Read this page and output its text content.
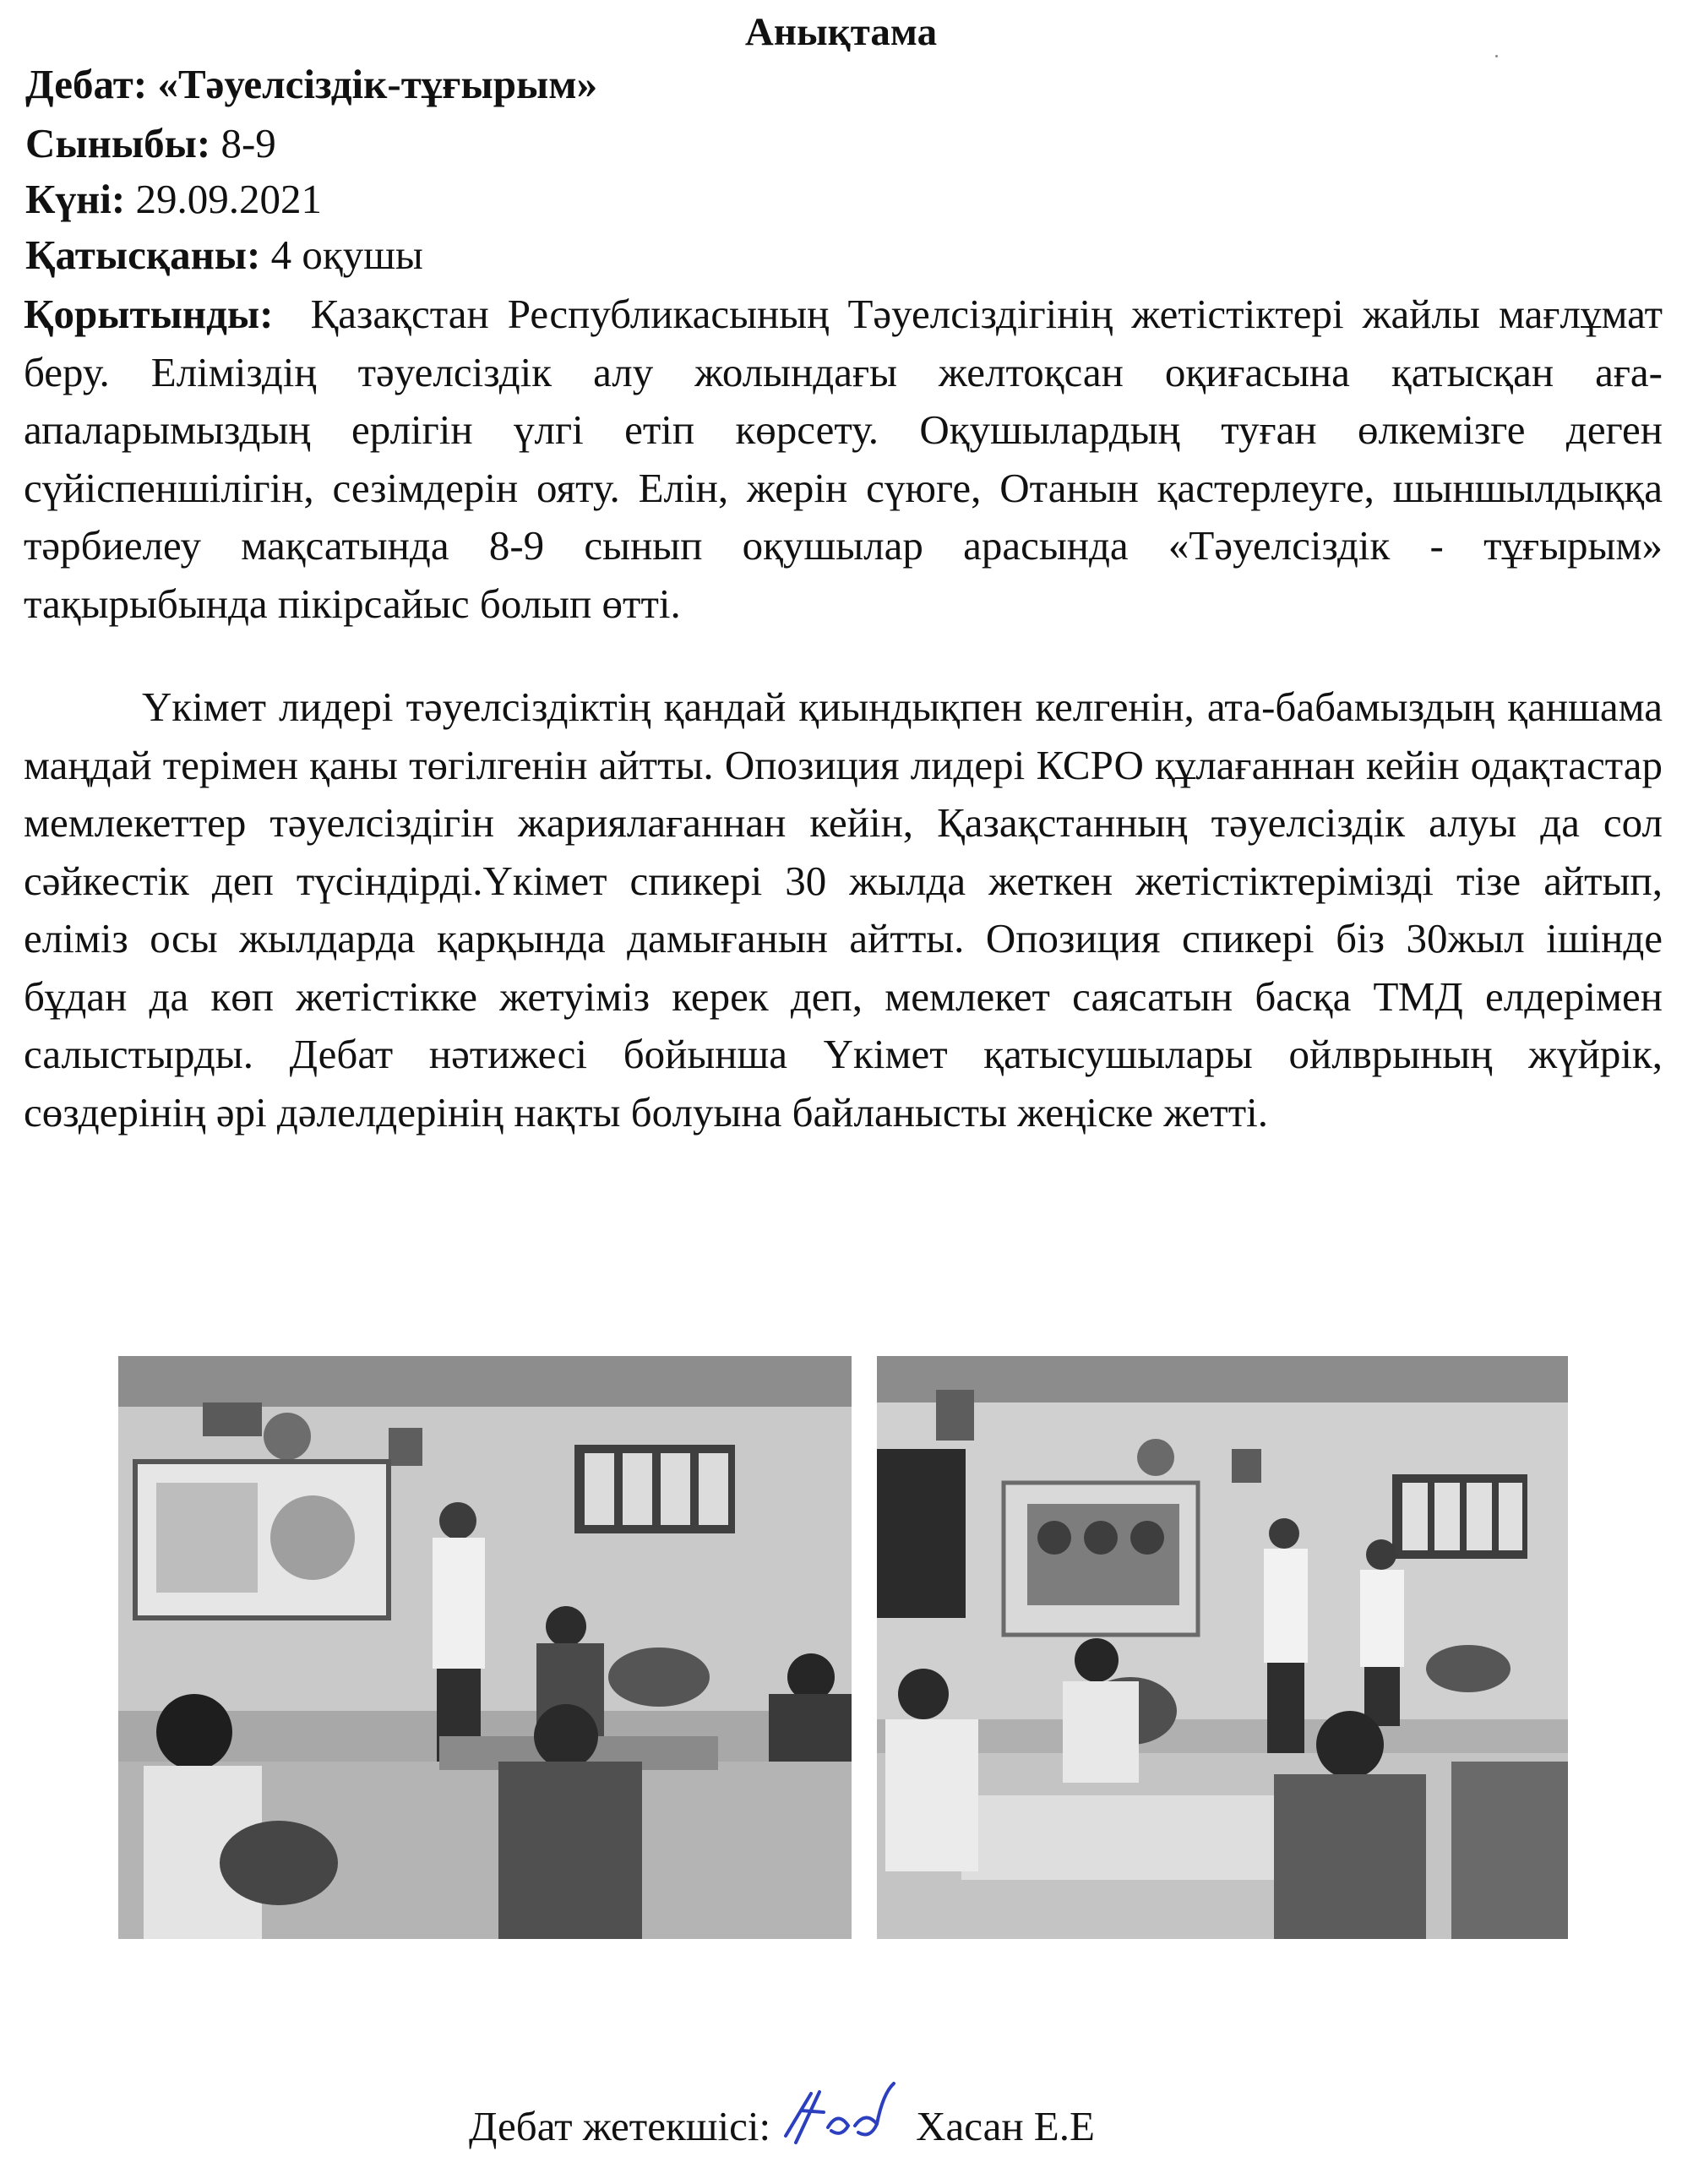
Анықтама
Дебат: «Тәуелсіздік-тұғырым»
Сыныбы: 8-9
Күні: 29.09.2021
Қатысқаны: 4 оқушы

Қорытынды: Қазақстан Республикасының Тәуелсіздігінің жетістіктері жайлы мағлұмат беру. Еліміздің тәуелсіздік алу жолындағы желтоқсан оқиғасына қатысқан аға-апаларымыздың ерлігін үлгі етіп көрсету. Оқушылардың туған өлкемізге деген сүйіспеншілігін, сезімдерін ояту. Елін, жерін сүюге, Отанын қастерлеуге, шыншылдыққа тәрбиелеу мақсатында 8-9 сынып оқушылар арасында «Тәуелсіздік - тұғырым» тақырыбында пікірсайыс болып өтті.

Үкімет лидері тәуелсіздіктің қандай қиындықпен келгенін, ата-бабамыздың қаншама маңдай терімен қаны төгілгенін айтты. Опозиция лидері КСРО құлағаннан кейін одақтастар мемлекеттер тәуелсіздігін жариялағаннан кейін, Қазақстанның тәуелсіздік алуы да сол сәйкестік деп түсіндірді.Үкімет спикері 30 жылда жеткен жетістіктерімізді тізе айтып, еліміз осы жылдарда қарқында дамығанын айтты. Опозиция спикері біз 30жыл ішінде бұдан да көп жетістікке жетуіміз керек деп, мемлекет саясатын басқа ТМД елдерімен салыстырды. Дебат нәтижесі бойынша Үкімет қатысушылары ойлврының жүйрік, сөздерінің әрі дәлелдерінің нақты болуына байланысты жеңіске жетті.

Дебат жетекшісі:	Хасан Е.Е
